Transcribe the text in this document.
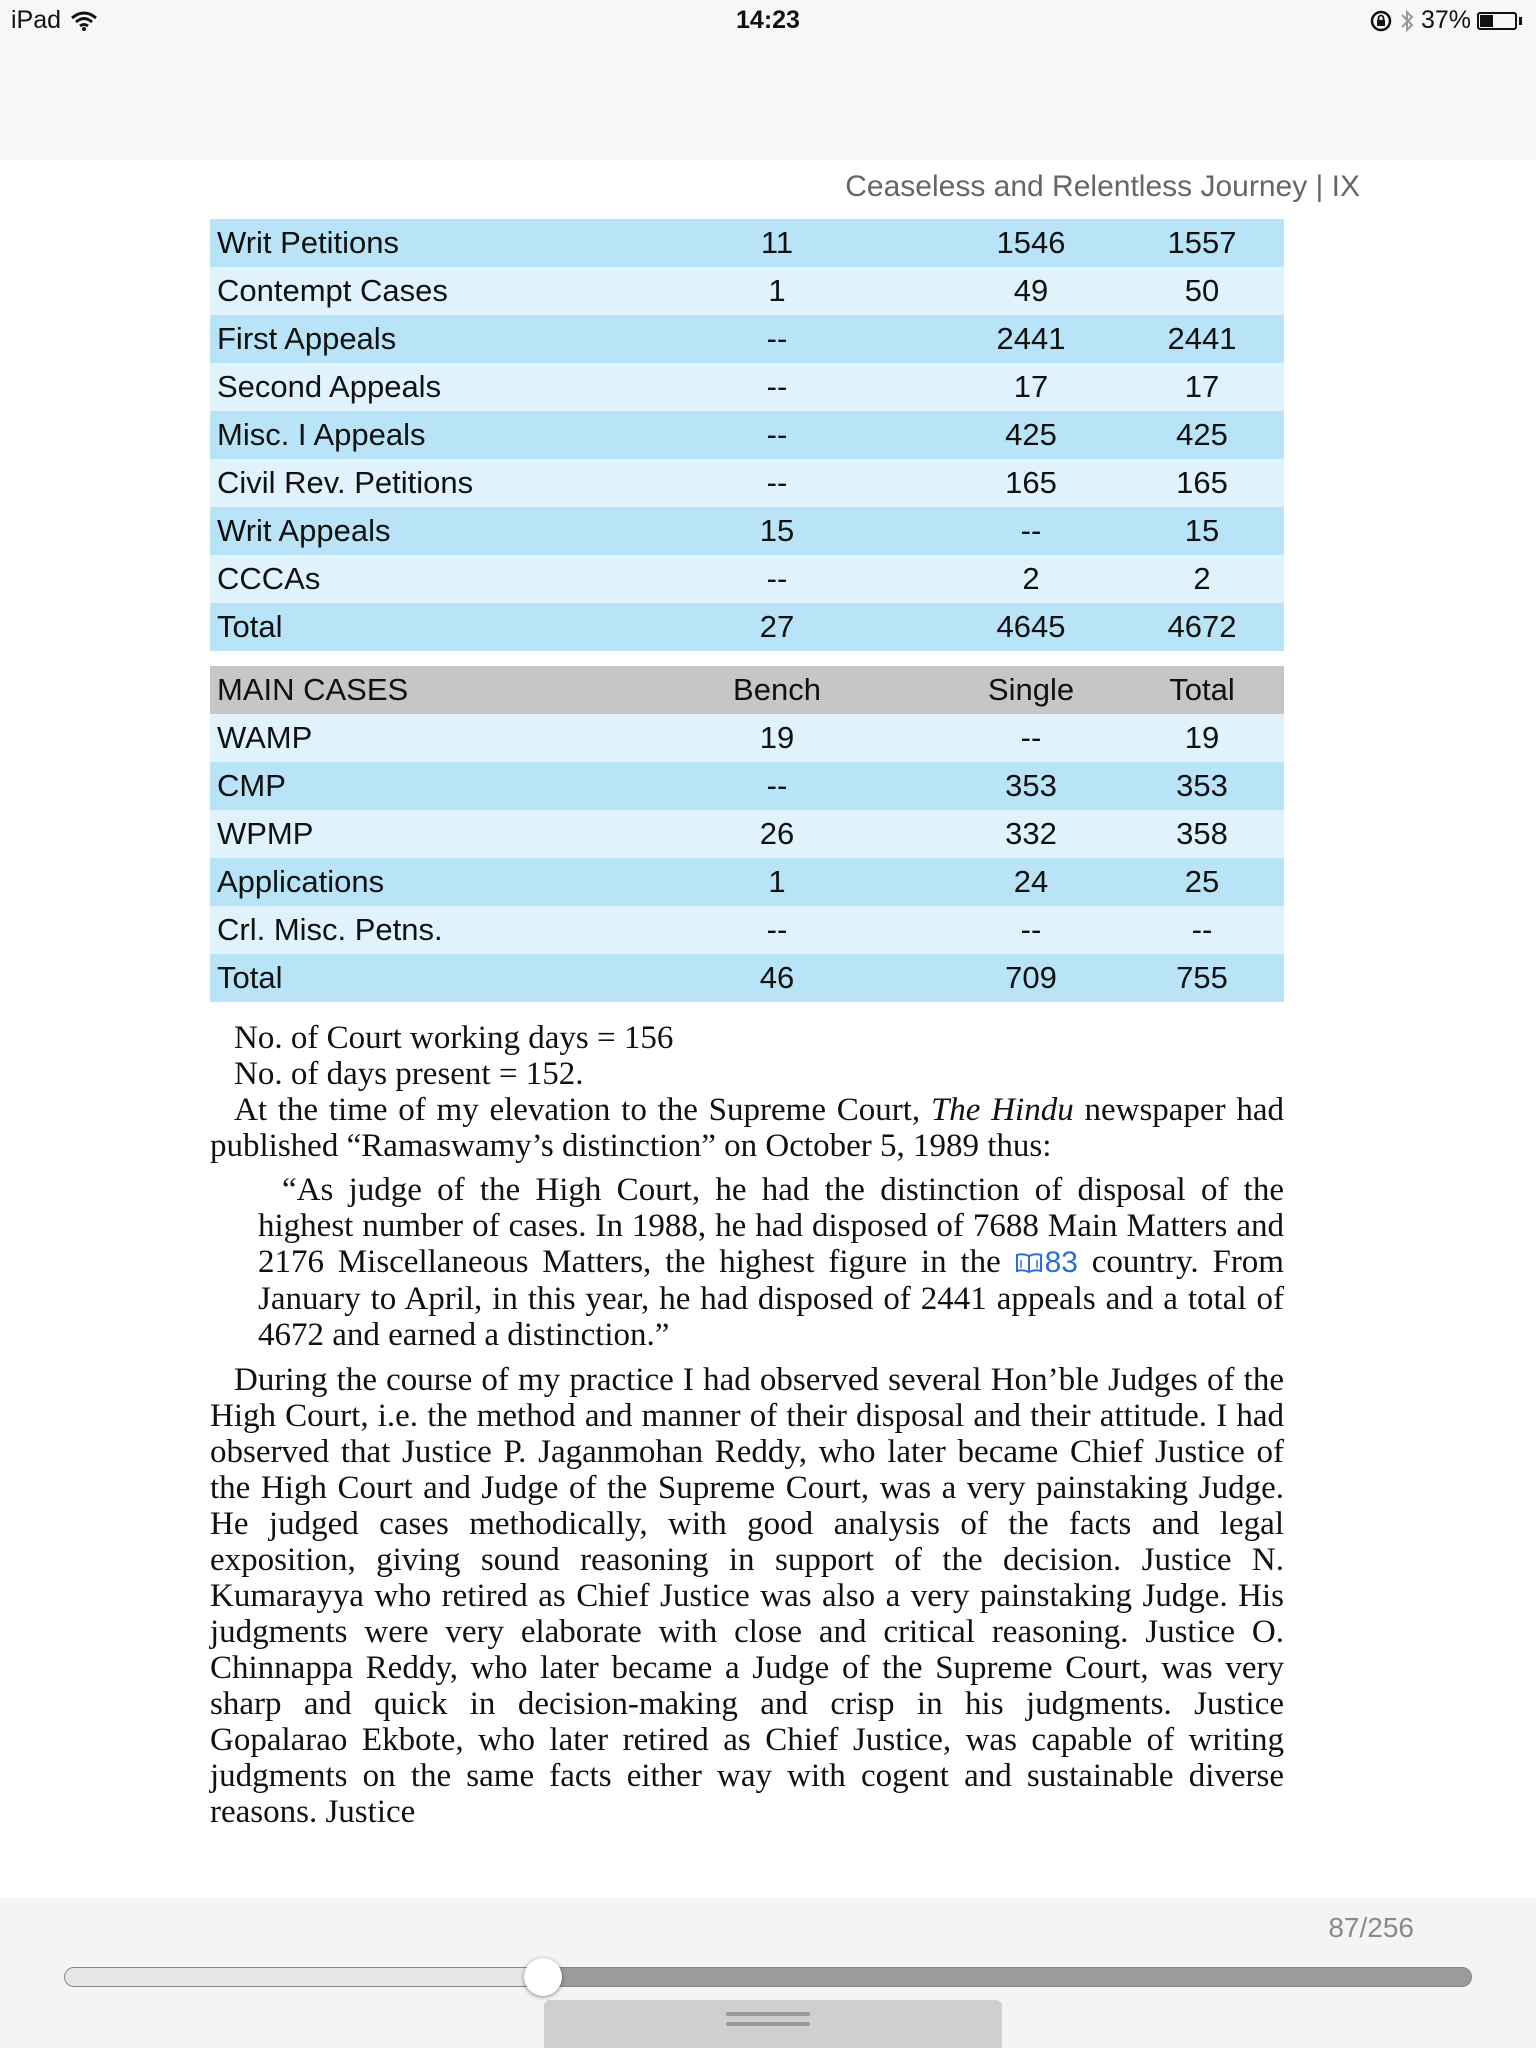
iPad	14:23	37%
Ceaseless and Relentless Journey | IX
Writ Petitions	11	1546	1557
Contempt Cases	1	49	50
First Appeals	--	2441	2441
Second Appeals	--	17	17
Misc. I Appeals	--	425	425
Civil Rev. Petitions	--	165	165
Writ Appeals	15	--	15
CCCAs	--	2	2
Total	27	4645	4672
MAIN CASES	Bench	Single	Total
WAMP	19	--	19
CMP	--	353	353
WPMP	26	332	358
Applications	1	24	25
Crl. Misc. Petns.	--	--	--
Total	46	709	755
No. of Court working days = 156
No. of days present = 152.
At the time of my elevation to the Supreme Court, The Hindu newspaper had published “Ramaswamy’s distinction” on October 5, 1989 thus:
“As judge of the High Court, he had the distinction of disposal of the highest number of cases. In 1988, he had disposed of 7688 Main Matters and 2176 Miscellaneous Matters, the highest figure in the 83 country. From January to April, in this year, he had disposed of 2441 appeals and a total of 4672 and earned a distinction.”
During the course of my practice I had observed several Hon’ble Judges of the High Court, i.e. the method and manner of their disposal and their attitude. I had observed that Justice P. Jaganmohan Reddy, who later became Chief Justice of the High Court and Judge of the Supreme Court, was a very painstaking Judge. He judged cases methodically, with good analysis of the facts and legal exposition, giving sound reasoning in support of the decision. Justice N. Kumarayya who retired as Chief Justice was also a very painstaking Judge. His judgments were very elaborate with close and critical reasoning. Justice O. Chinnappa Reddy, who later became a Judge of the Supreme Court, was very sharp and quick in decision-making and crisp in his judgments. Justice Gopalarao Ekbote, who later retired as Chief Justice, was capable of writing judgments on the same facts either way with cogent and sustainable diverse reasons. Justice
87/256
